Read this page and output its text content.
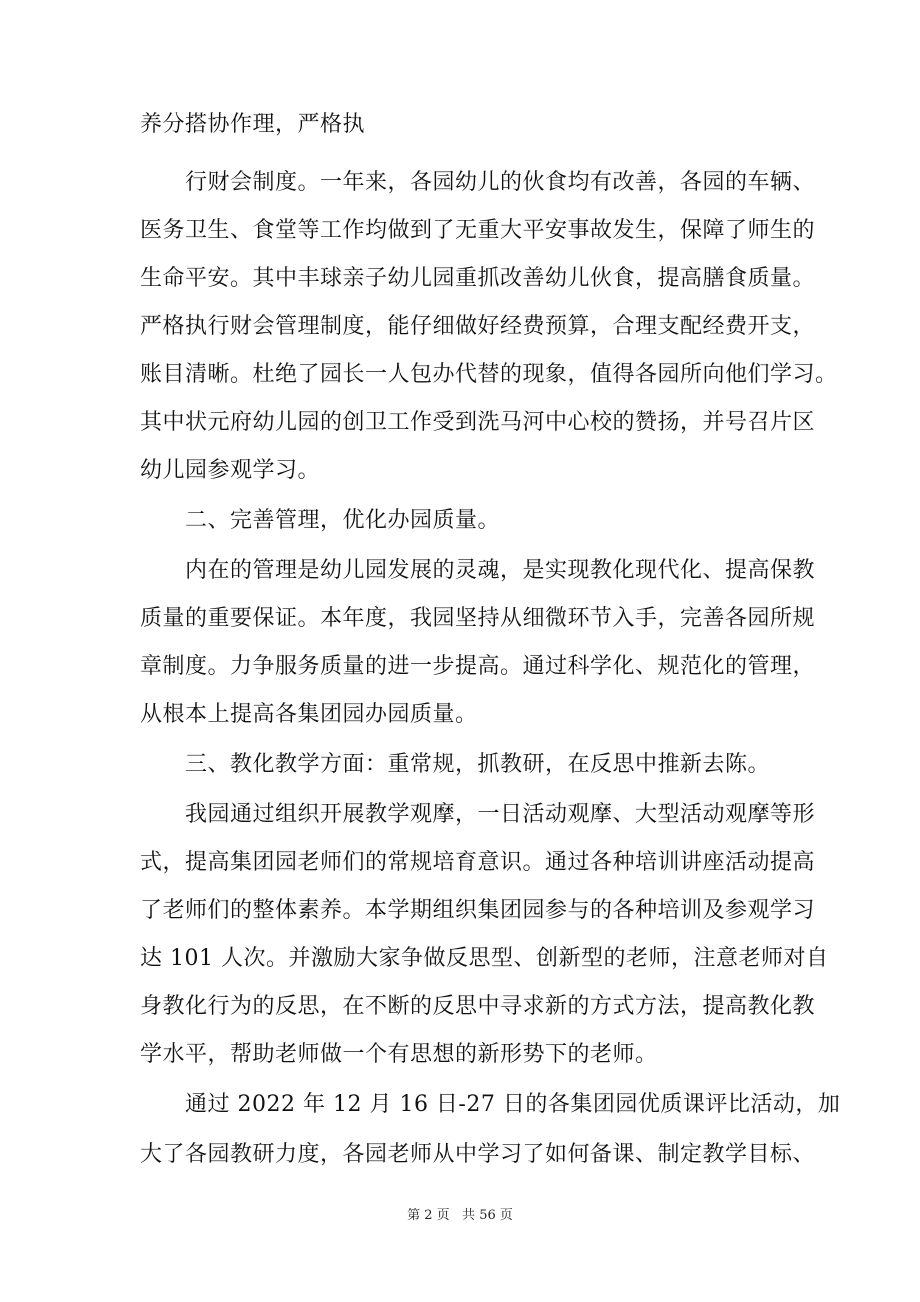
养分搭协作理，严格执
　　行财会制度。一年来，各园幼儿的伙食均有改善，各园的车辆、
医务卫生、食堂等工作均做到了无重大平安事故发生，保障了师生的
生命平安。其中丰球亲子幼儿园重抓改善幼儿伙食，提高膳食质量。
严格执行财会管理制度，能仔细做好经费预算，合理支配经费开支，
账目清晰。杜绝了园长一人包办代替的现象，值得各园所向他们学习。
其中状元府幼儿园的创卫工作受到洗马河中心校的赞扬，并号召片区
幼儿园参观学习。
　　二、完善管理，优化办园质量。
　　内在的管理是幼儿园发展的灵魂，是实现教化现代化、提高保教
质量的重要保证。本年度，我园坚持从细微环节入手，完善各园所规
章制度。力争服务质量的进一步提高。通过科学化、规范化的管理，
从根本上提高各集团园办园质量。
　　三、教化教学方面：重常规，抓教研，在反思中推新去陈。
　　我园通过组织开展教学观摩，一日活动观摩、大型活动观摩等形
式，提高集团园老师们的常规培育意识。通过各种培训讲座活动提高
了老师们的整体素养。本学期组织集团园参与的各种培训及参观学习
达 101 人次。并激励大家争做反思型、创新型的老师，注意老师对自
身教化行为的反思，在不断的反思中寻求新的方式方法，提高教化教
学水平，帮助老师做一个有思想的新形势下的老师。
　　通过 2022 年 12 月 16 日-27 日的各集团园优质课评比活动，加
大了各园教研力度，各园老师从中学习了如何备课、制定教学目标、
第 2 页   共 56 页
